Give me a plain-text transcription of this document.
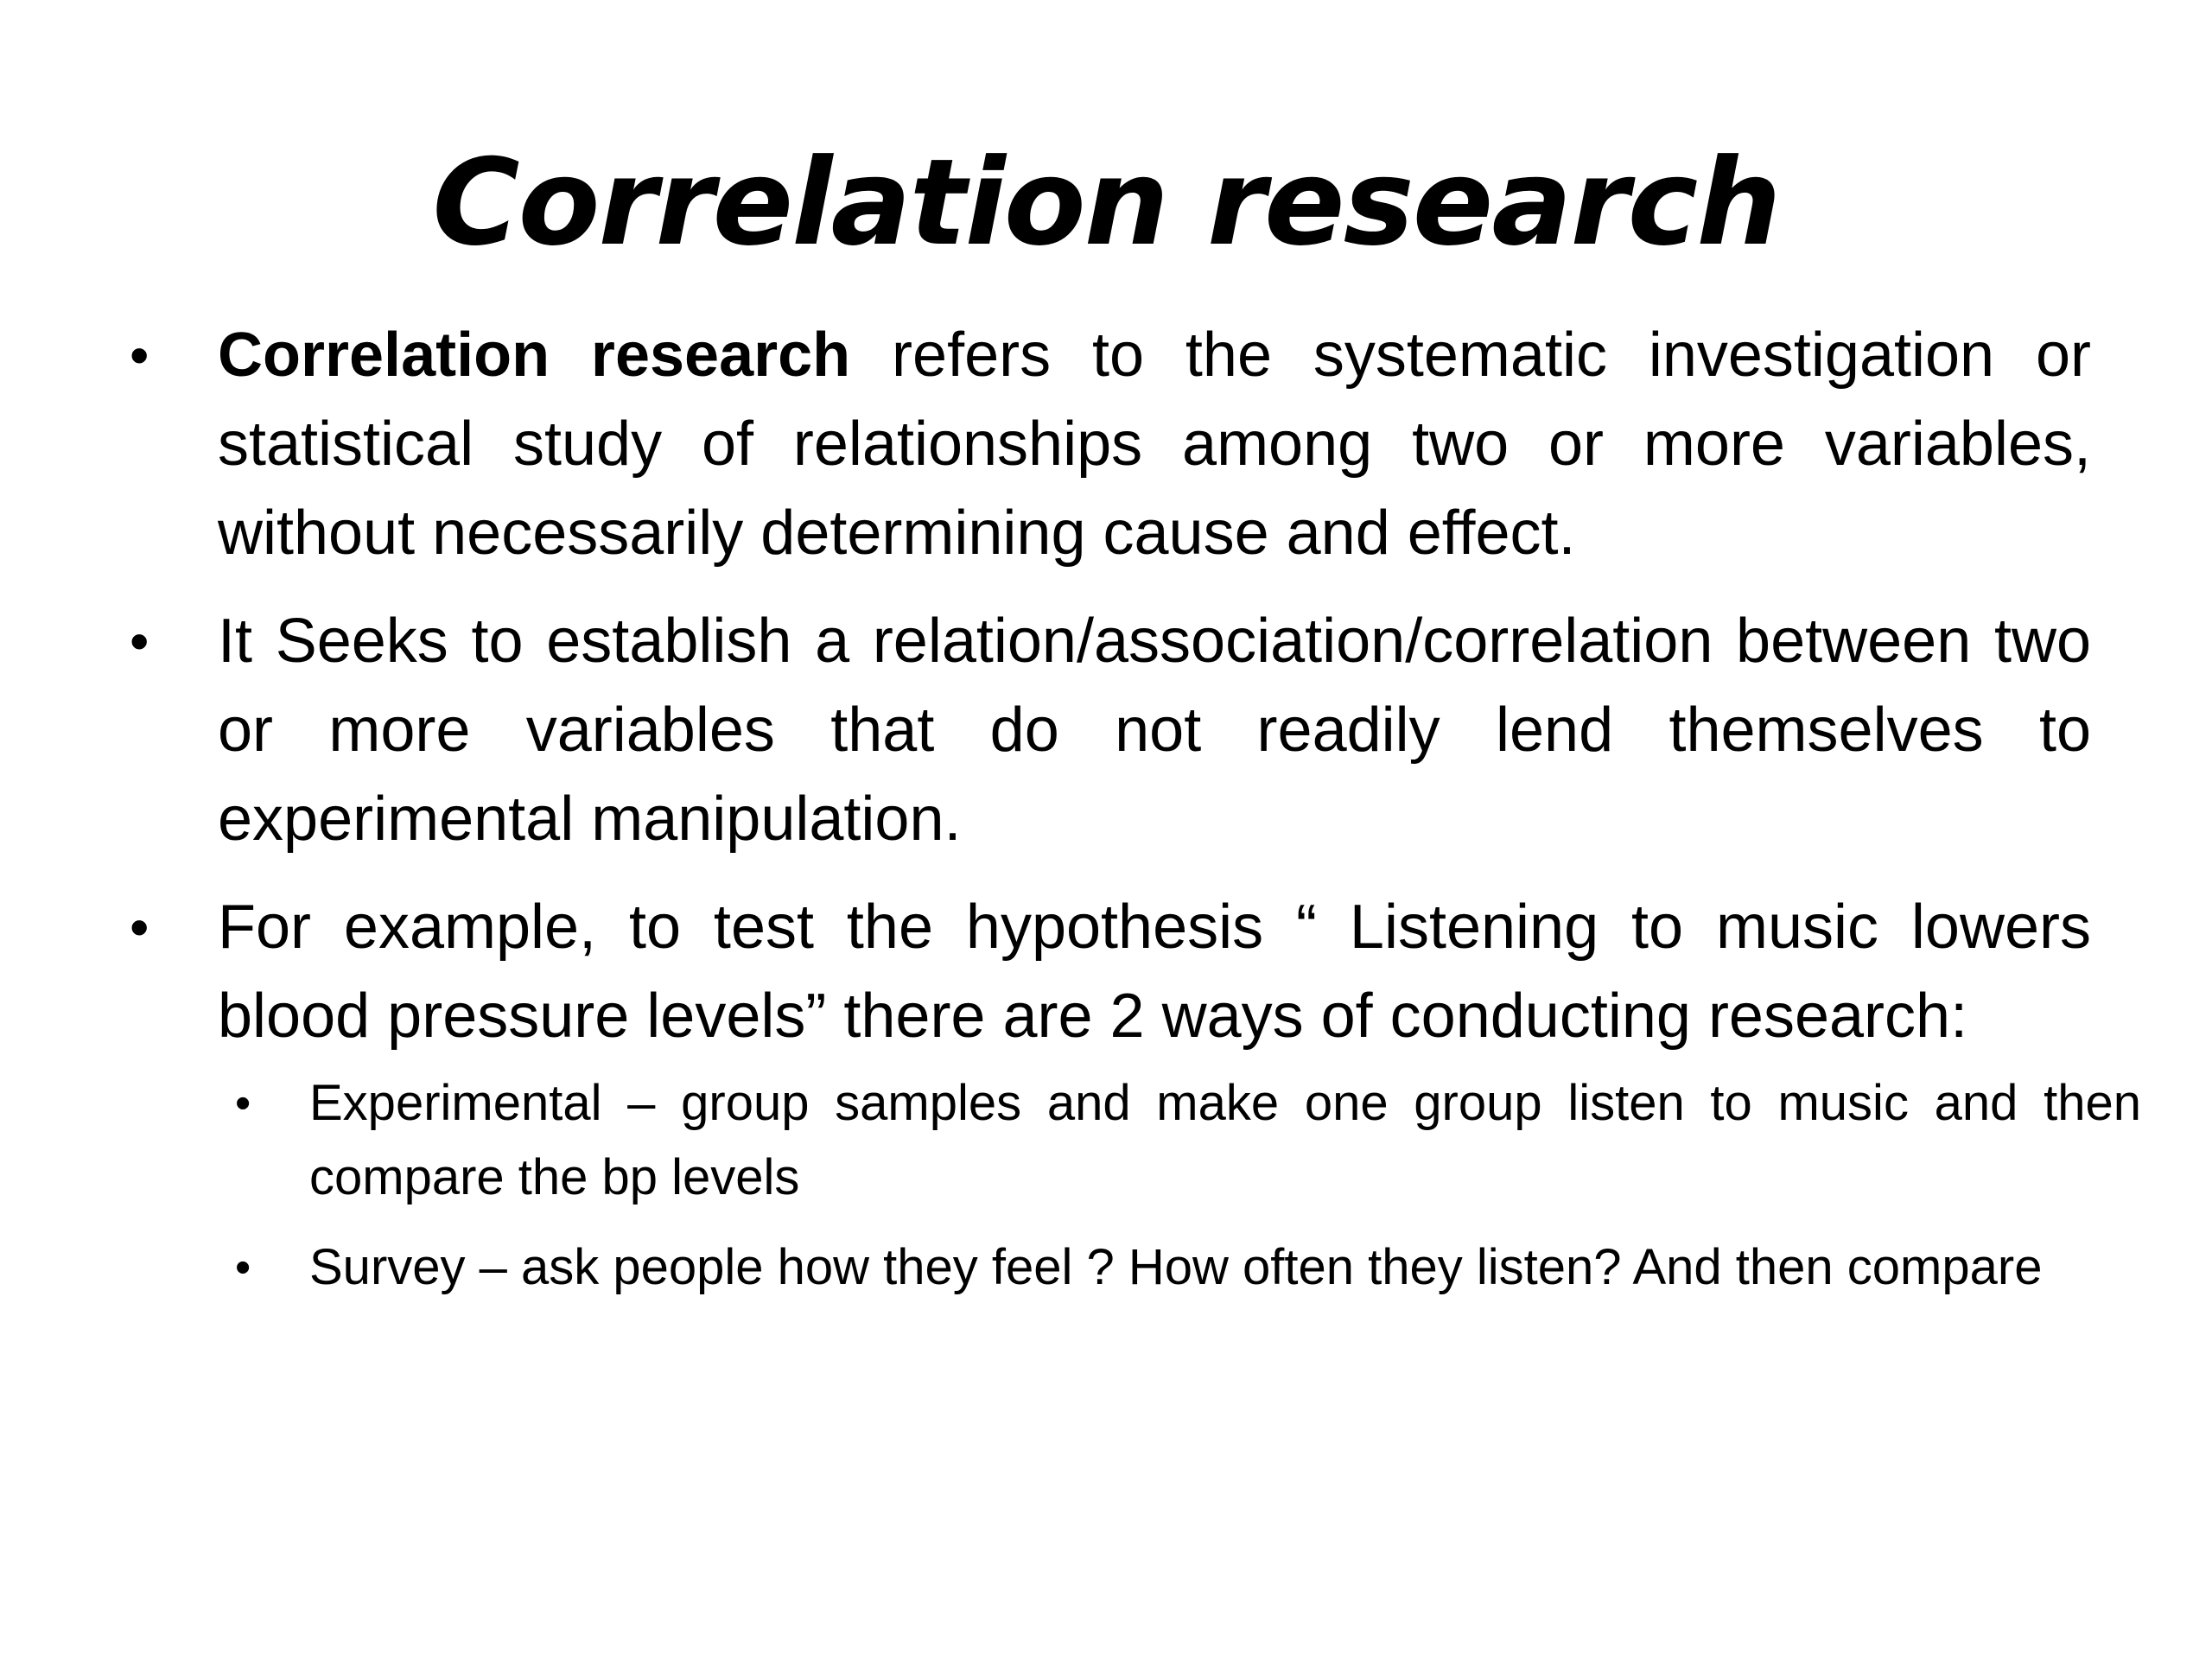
Correlation research
• Correlation research refers to the systematic investigation or statistical study of relationships among two or more variables, without necessarily determining cause and effect.
• It Seeks to establish a relation/association/correlation between two or more variables that do not readily lend themselves to experimental manipulation.
• For example, to test the hypothesis “ Listening to music lowers blood pressure levels” there are 2 ways of conducting research:
•	Experimental – group samples and make one group listen to music and then compare the bp levels
•	Survey – ask people how they feel ? How often they listen? And then compare
